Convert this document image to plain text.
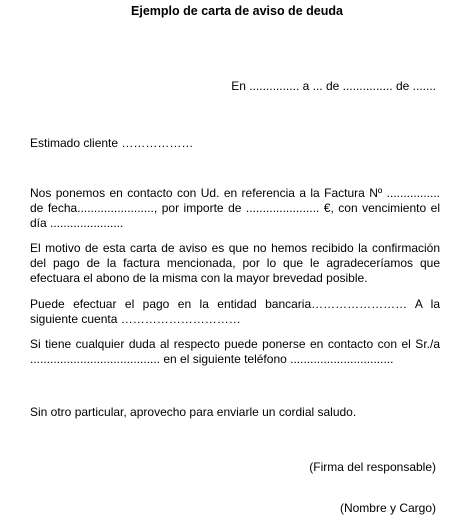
Ejemplo de carta de aviso de deuda
En ............... a ... de ............... de .......
Estimado cliente ………………
Nos ponemos en contacto con Ud. en referencia a la Factura Nº ................
de fecha......................., por importe de ...................... €, con vencimiento el
día ......................
El motivo de esta carta de aviso es que no hemos recibido la confirmación
del pago de la factura mencionada, por lo que le agradeceríamos que
efectuara el abono de la misma con la mayor brevedad posible.
Puede efectuar el pago en la entidad bancaria…………………… A la
siguiente cuenta …………………………
Si tiene cualquier duda al respecto puede ponerse en contacto con el Sr./a
....................................... en el siguiente teléfono ...............................
Sin otro particular, aprovecho para enviarle un cordial saludo.
(Firma del responsable)
(Nombre y Cargo)
